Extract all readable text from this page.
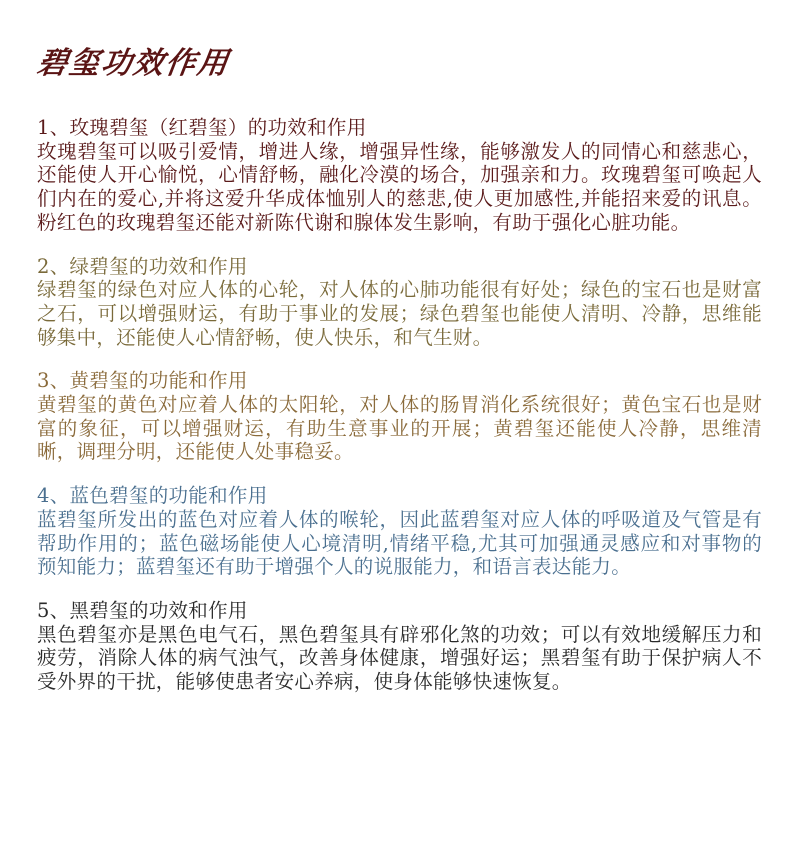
碧玺功效作用

1、玫瑰碧玺（红碧玺）的功效和作用

玫瑰碧玺可以吸引爱情，增进人缘，增强异性缘，能够激发人的同情心和慈悲心，还能使人开心愉悦，心情舒畅，融化冷漠的场合，加强亲和力。玫瑰碧玺可唤起人们内在的爱心,并将这爱升华成体恤别人的慈悲,使人更加感性,并能招来爱的讯息。粉红色的玫瑰碧玺还能对新陈代谢和腺体发生影响，有助于强化心脏功能。

2、绿碧玺的功效和作用

绿碧玺的绿色对应人体的心轮，对人体的心肺功能很有好处；绿色的宝石也是财富之石，可以增强财运，有助于事业的发展；绿色碧玺也能使人清明、冷静，思维能够集中，还能使人心情舒畅，使人快乐，和气生财。

3、黄碧玺的功能和作用

黄碧玺的黄色对应着人体的太阳轮，对人体的肠胃消化系统很好；黄色宝石也是财富的象征，可以增强财运，有助生意事业的开展；黄碧玺还能使人冷静，思维清晰，调理分明，还能使人处事稳妥。

4、蓝色碧玺的功能和作用

蓝碧玺所发出的蓝色对应着人体的喉轮，因此蓝碧玺对应人体的呼吸道及气管是有帮助作用的；蓝色磁场能使人心境清明,情绪平稳,尤其可加强通灵感应和对事物的预知能力；蓝碧玺还有助于增强个人的说服能力，和语言表达能力。

5、黑碧玺的功效和作用

黑色碧玺亦是黑色电气石，黑色碧玺具有辟邪化煞的功效；可以有效地缓解压力和疲劳，消除人体的病气浊气，改善身体健康，增强好运；黑碧玺有助于保护病人不受外界的干扰，能够使患者安心养病，使身体能够快速恢复。
